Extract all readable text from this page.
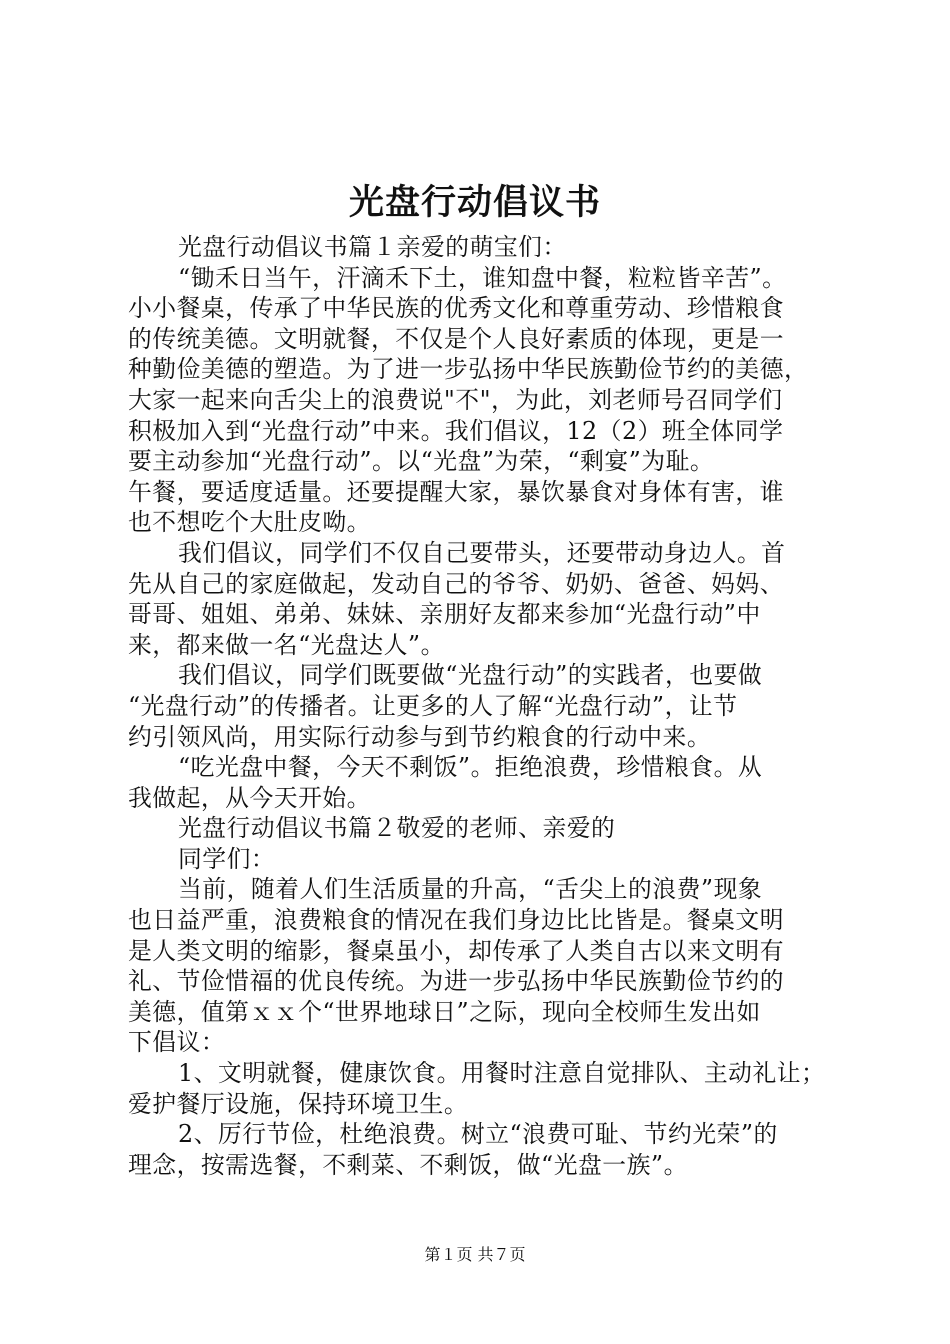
光盘行动倡议书
光盘行动倡议书篇１亲爱的萌宝们：
“锄禾日当午，汗滴禾下土，谁知盘中餐，粒粒皆辛苦”。
小小餐桌，传承了中华民族的优秀文化和尊重劳动、珍惜粮食
的传统美德。文明就餐，不仅是个人良好素质的体现，更是一
种勤俭美德的塑造。为了进一步弘扬中华民族勤俭节约的美德，
大家一起来向舌尖上的浪费说"不"，为此，刘老师号召同学们
积极加入到“光盘行动”中来。我们倡议，12（2）班全体同学
要主动参加“光盘行动”。以“光盘”为荣，“剩宴”为耻。
午餐，要适度适量。还要提醒大家，暴饮暴食对身体有害，谁
也不想吃个大肚皮呦。
我们倡议，同学们不仅自己要带头，还要带动身边人。首
先从自己的家庭做起，发动自己的爷爷、奶奶、爸爸、妈妈、
哥哥、姐姐、弟弟、妹妹、亲朋好友都来参加“光盘行动”中
来，都来做一名“光盘达人”。
我们倡议，同学们既要做“光盘行动”的实践者，也要做
“光盘行动”的传播者。让更多的人了解“光盘行动”，让节
约引领风尚，用实际行动参与到节约粮食的行动中来。
“吃光盘中餐，今天不剩饭”。拒绝浪费，珍惜粮食。从
我做起，从今天开始。
光盘行动倡议书篇２敬爱的老师、亲爱的
同学们：
当前，随着人们生活质量的升高，“舌尖上的浪费”现象
也日益严重，浪费粮食的情况在我们身边比比皆是。餐桌文明
是人类文明的缩影，餐桌虽小，却传承了人类自古以来文明有
礼、节俭惜福的优良传统。为进一步弘扬中华民族勤俭节约的
美德，值第ｘｘ个“世界地球日”之际，现向全校师生发出如
下倡议：
1、文明就餐，健康饮食。用餐时注意自觉排队、主动礼让；
爱护餐厅设施，保持环境卫生。
2、厉行节俭，杜绝浪费。树立“浪费可耻、节约光荣”的
理念，按需选餐，不剩菜、不剩饭，做“光盘一族”。
第１页 共７页
